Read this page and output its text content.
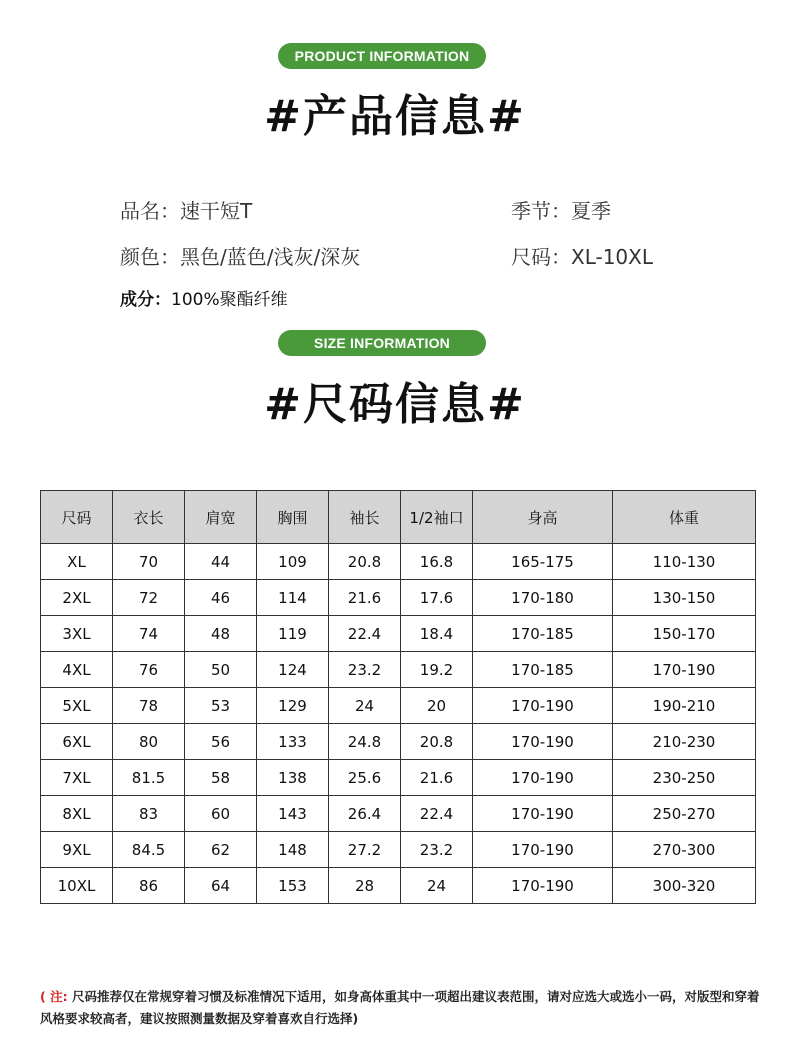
PRODUCT INFORMATION
#产品信息#
品名：速干短T	季节：夏季
颜色：黑色/蓝色/浅灰/深灰	尺码：XL-10XL
成分：100%聚酯纤维
SIZE INFORMATION
#尺码信息#
尺码	衣长	肩宽	胸围	袖长	1/2袖口	身高	体重
XL	70	44	109	20.8	16.8	165-175	110-130
2XL	72	46	114	21.6	17.6	170-180	130-150
3XL	74	48	119	22.4	18.4	170-185	150-170
4XL	76	50	124	23.2	19.2	170-185	170-190
5XL	78	53	129	24	20	170-190	190-210
6XL	80	56	133	24.8	20.8	170-190	210-230
7XL	81.5	58	138	25.6	21.6	170-190	230-250
8XL	83	60	143	26.4	22.4	170-190	250-270
9XL	84.5	62	148	27.2	23.2	170-190	270-300
10XL	86	64	153	28	24	170-190	300-320
( 注: 尺码推荐仅在常规穿着习惯及标准情况下适用，如身高体重其中一项超出建议表范围，请对应选大或选小一码，对版型和穿着风格要求较高者，建议按照测量数据及穿着喜欢自行选择)
